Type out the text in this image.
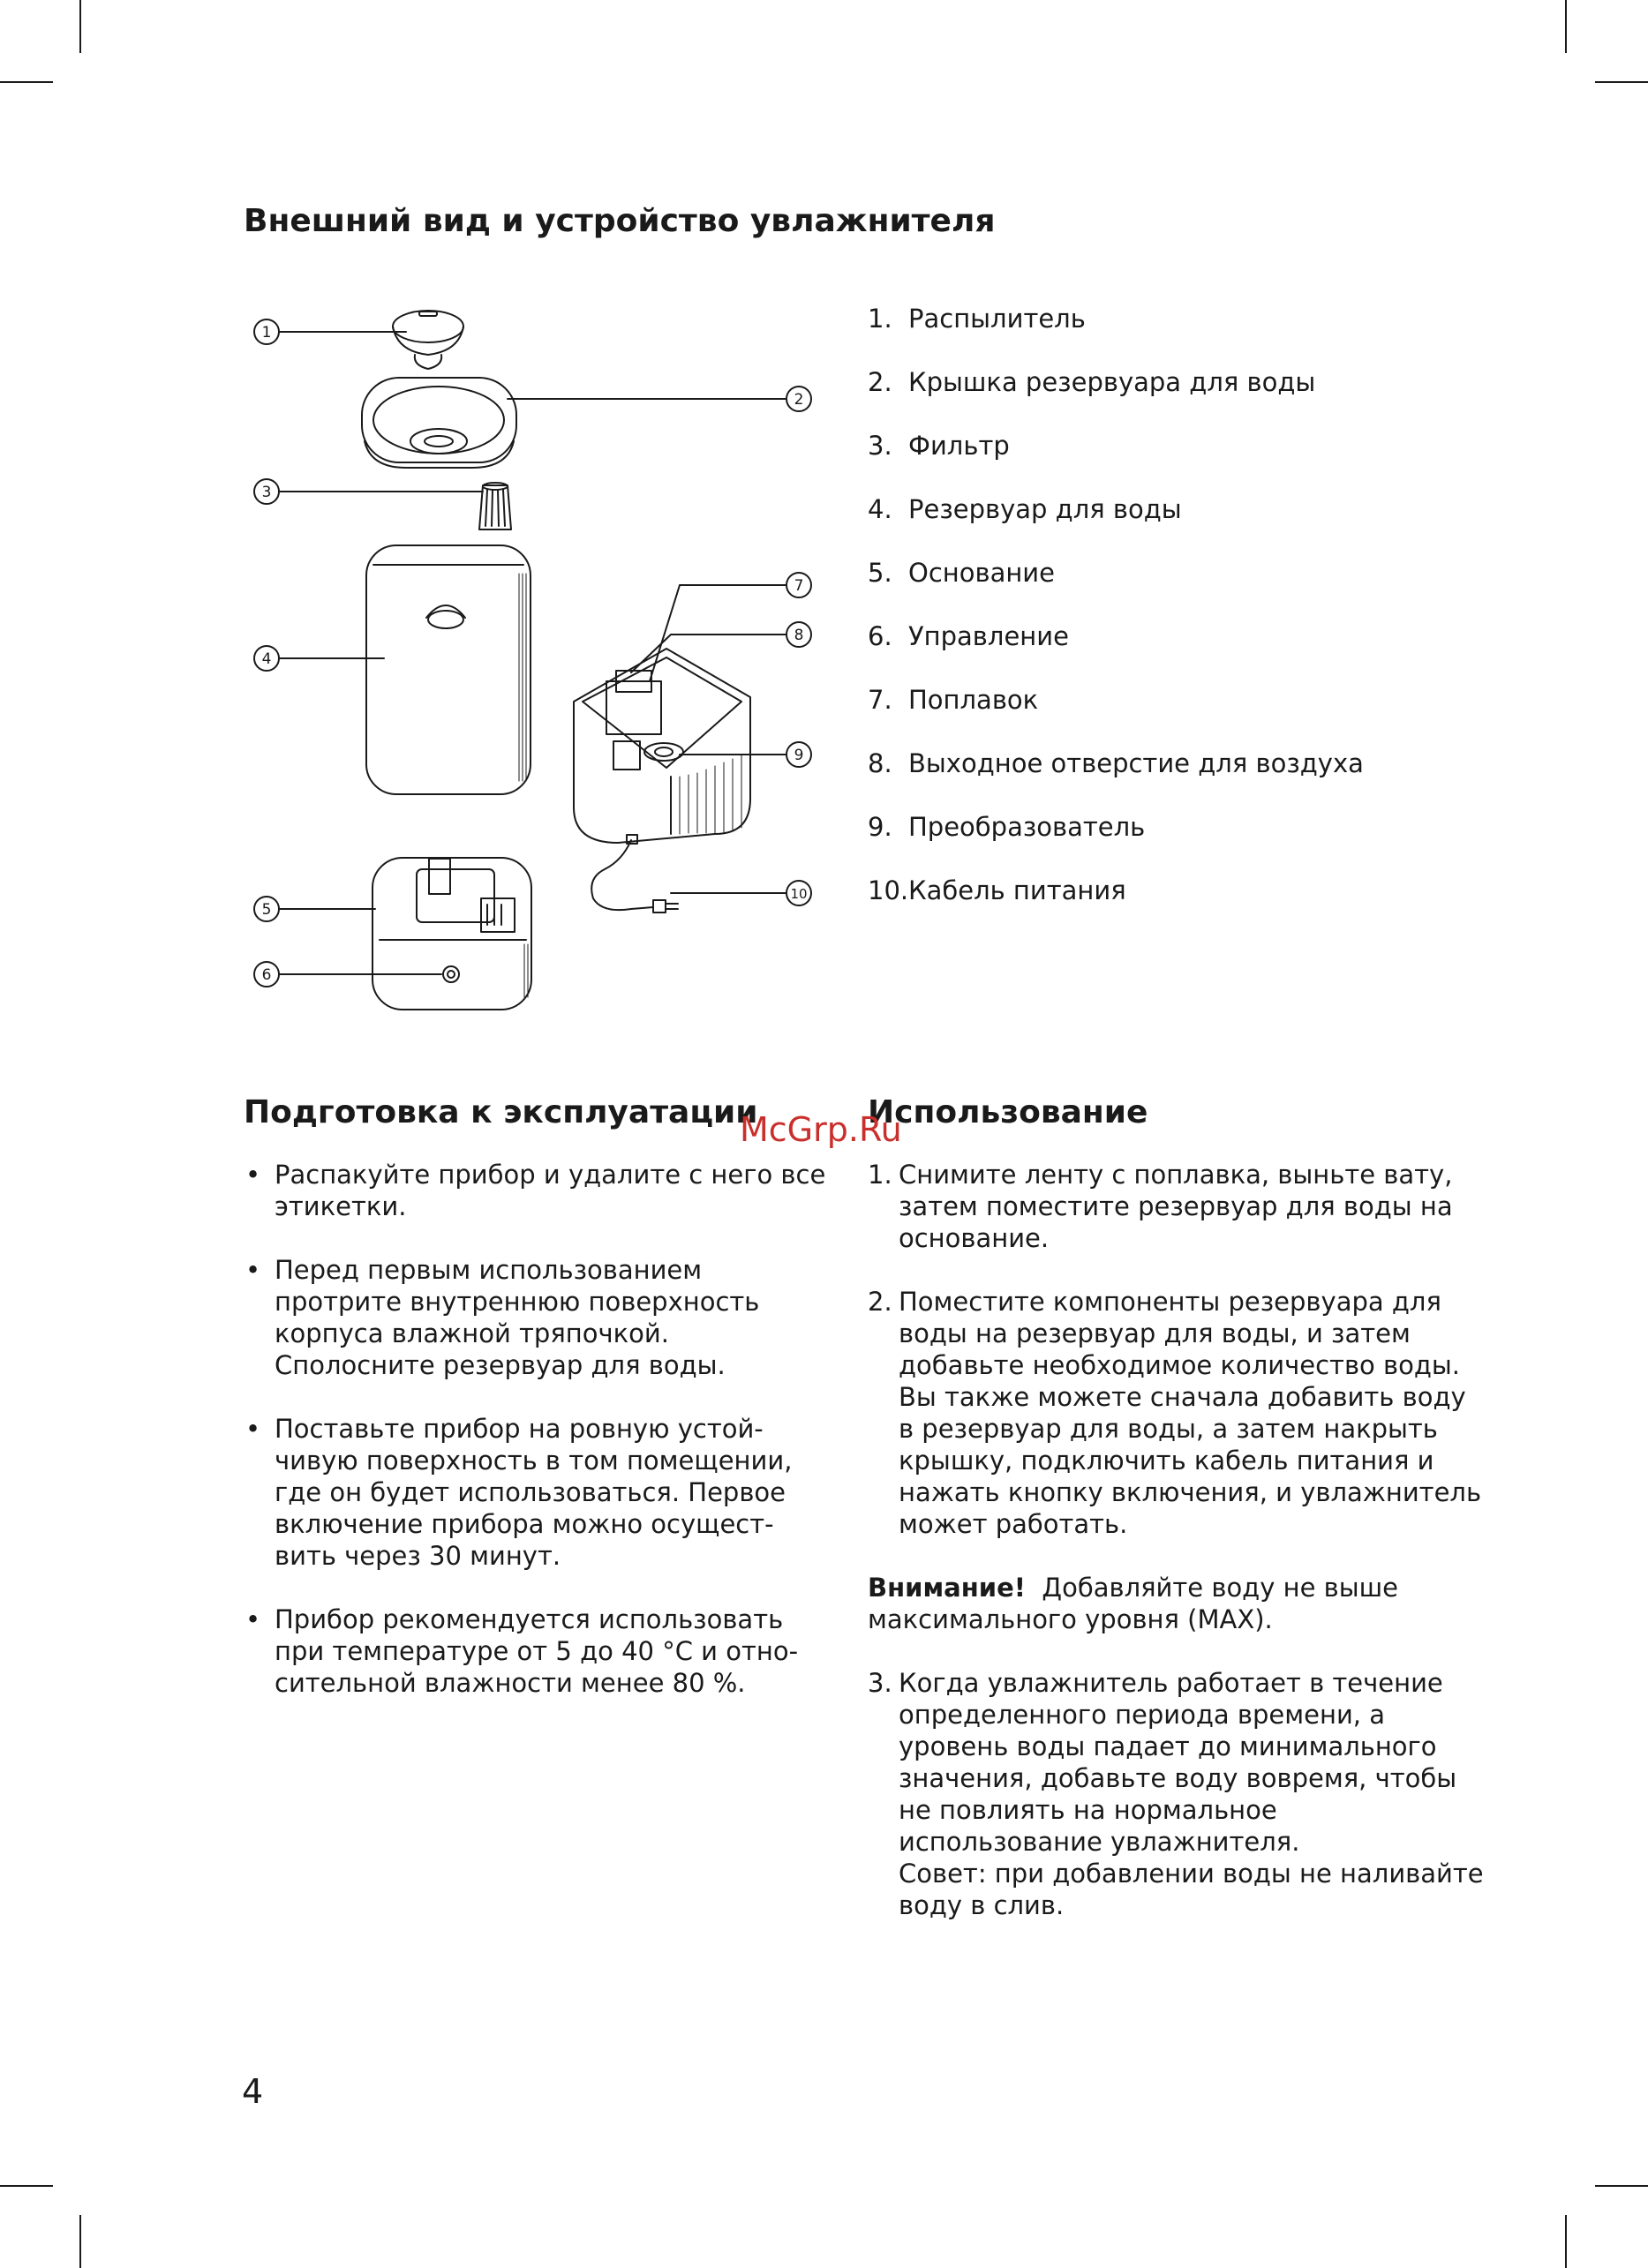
Внешний вид и устройство увлажнителя
1
2
3
4
5
6
7
8
9
10
1. Распылитель
2. Крышка резервуара для воды
3. Фильтр
4. Резервуар для воды
5. Основание
6. Управление
7. Поплавок
8. Выходное отверстие для воздуха
9. Преобразователь
10. Кабель питания
Подготовка к эксплуатации
• Распакуйте прибор и удалите с него все этикетки.
• Перед первым использованием протрите внутреннюю поверхность корпуса влажной тряпочкой. Сполосните резервуар для воды.
• Поставьте прибор на ровную устойчивую поверхность в том помещении, где он будет использоваться. Первое включение прибора можно осуществить через 30 минут.
• Прибор рекомендуется использовать при температуре от 5 до 40 °C и относительной влажности менее 80 %.
Использование
1. Снимите ленту с поплавка, выньте вату, затем поместите резервуар для воды на основание.
2. Поместите компоненты резервуара для воды на резервуар для воды, и затем добавьте необходимое количество воды. Вы также можете сначала добавить воду в резервуар для воды, а затем накрыть крышку, подключить кабель питания и нажать кнопку включения, и увлажнитель может работать.
Внимание! Добавляйте воду не выше максимального уровня (MAX).
3. Когда увлажнитель работает в течение определенного периода времени, а уровень воды падает до минимального значения, добавьте воду вовремя, чтобы не повлиять на нормальное использование увлажнителя.
Совет: при добавлении воды не наливайте воду в слив.
McGrp.Ru
4
